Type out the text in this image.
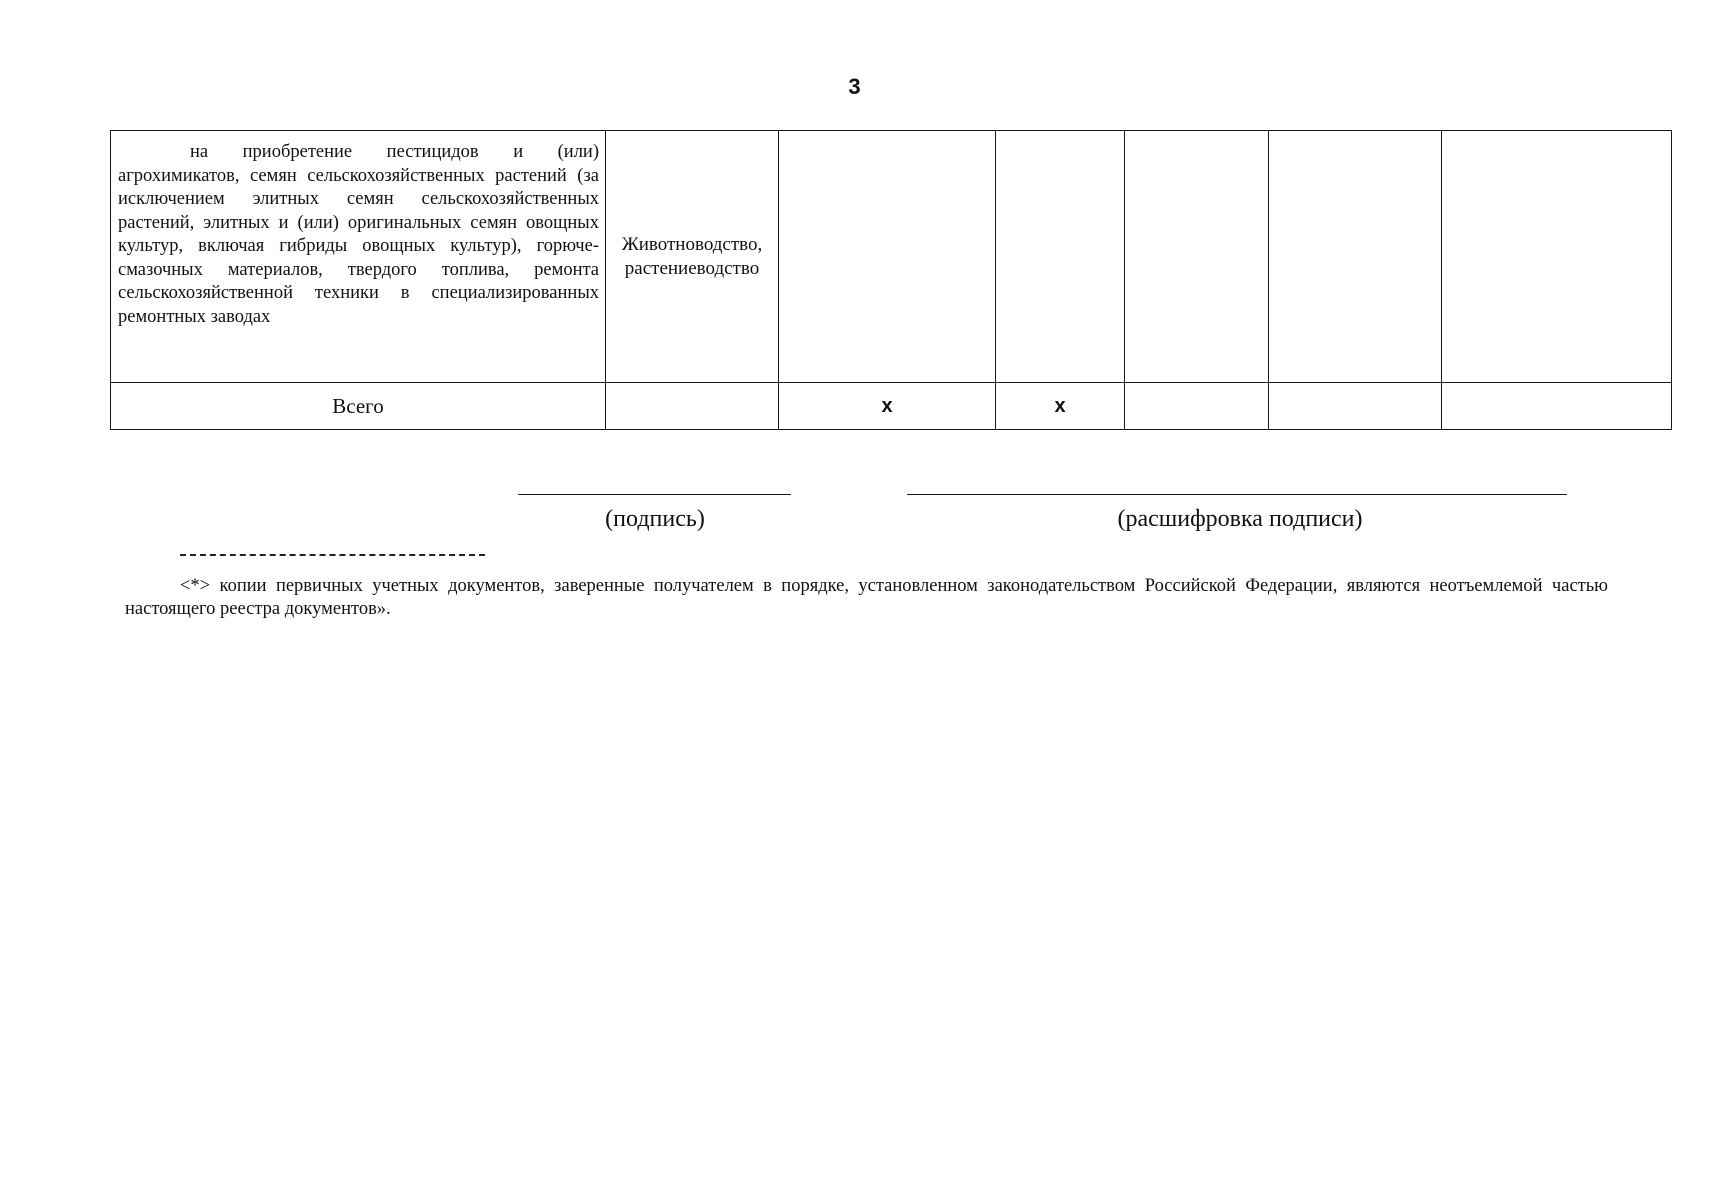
3
на приобретение пестицидов и (или) агрохимикатов, семян сельскохозяйственных растений (за исключением элитных семян сельскохозяйственных растений, элитных и (или) оригинальных семян овощных культур, включая гибриды овощных культур), горюче-смазочных материалов, твердого топлива, ремонта сельскохозяйственной техники в специализированных ремонтных заводах	Животноводство, растениеводство					
Всего		x	x			
(подпись)	(расшифровка подписи)
<*> копии первичных учетных документов, заверенные получателем в порядке, установленном законодательством Российской Федерации, являются неотъемлемой частью настоящего реестра документов».
